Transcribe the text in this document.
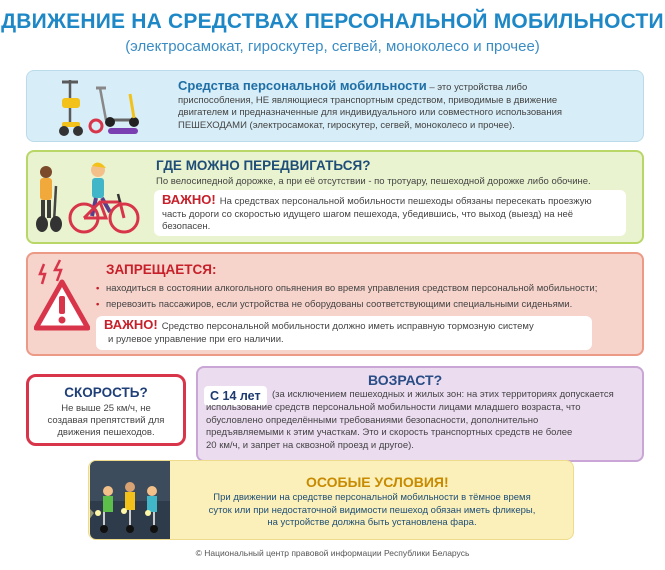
ДВИЖЕНИЕ НА СРЕДСТВАХ ПЕРСОНАЛЬНОЙ МОБИЛЬНОСТИ
(электросамокат, гироскутер, сегвей, моноколесо и прочее)
Средства персональной мобильности – это устройства либо
приспособления, НЕ являющиеся транспортным средством, приводимые в движение
двигателем и предназначенные для индивидуального или совместного использования
ПЕШЕХОДАМИ (электросамокат, гироскутер, сегвей, моноколесо и прочее).
ГДЕ МОЖНО ПЕРЕДВИГАТЬСЯ?
По велосипедной дорожке, а при её отсутствии - по тротуару, пешеходной дорожке либо обочине.
ВАЖНО! На средствах персональной мобильности пешеходы обязаны пересекать проезжую
часть дороги со скоростью идущего шагом пешехода, убедившись, что выход (выезд) на неё
безопасен.
ЗАПРЕЩАЕТСЯ:
• находиться в состоянии алкогольного опьянения во время управления средством персональной мобильности;
• перевозить пассажиров, если устройства не оборудованы соответствующими специальными сиденьями.
ВАЖНО! Средство персональной мобильности должно иметь исправную тормозную систему
и рулевое управление при его наличии.
СКОРОСТЬ?
Не выше 25 км/ч, не
создавая препятствий для
движения пешеходов.
ВОЗРАСТ?
С 14 лет	(за исключением пешеходных и жилых зон: на этих территориях допускается
использование средств персональной мобильности лицами младшего возраста, что
обусловлено определёнными требованиями безопасности, дополнительно
предъявляемыми к этим участкам. Это и скорость транспортных средств не более
20 км/ч, и запрет на сквозной проезд и другое).
ОСОБЫЕ УСЛОВИЯ!
При движении на средстве персональной мобильности в тёмное время
суток или при недостаточной видимости пешеход обязан иметь фликеры,
на устройстве должна быть установлена фара.
© Национальный центр правовой информации Республики Беларусь
